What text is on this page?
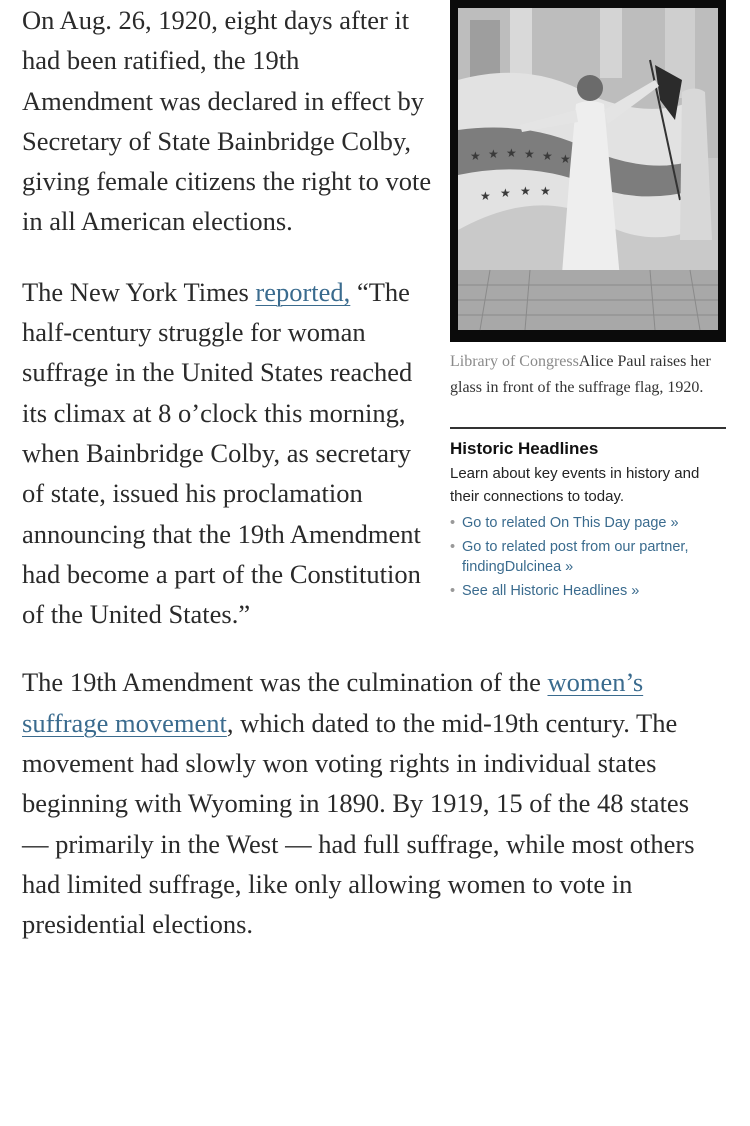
★ ★ ★ ★ ★ ★
★ ★ ★ ★
Library of CongressAlice Paul raises her glass in front of the suffrage flag, 1920.
Historic Headlines
Learn about key events in history and their connections to today.
• Go to related On This Day page »
• Go to related post from our partner, findingDulcinea »
• See all Historic Headlines »

On Aug. 26, 1920, eight days after it had been ratified, the 19th Amendment was declared in effect by Secretary of State Bainbridge Colby, giving female citizens the right to vote in all American elections.

The New York Times reported, “The half-century struggle for woman suffrage in the United States reached its climax at 8 o’clock this morning, when Bainbridge Colby, as secretary of state, issued his proclamation announcing that the 19th Amendment had become a part of the Constitution of the United States.”

The 19th Amendment was the culmination of the women’s suffrage movement, which dated to the mid-19th century. The movement had slowly won voting rights in individual states beginning with Wyoming in 1890. By 1919, 15 of the 48 states — primarily in the West — had full suffrage, while most others had limited suffrage, like only allowing women to vote in presidential elections.
